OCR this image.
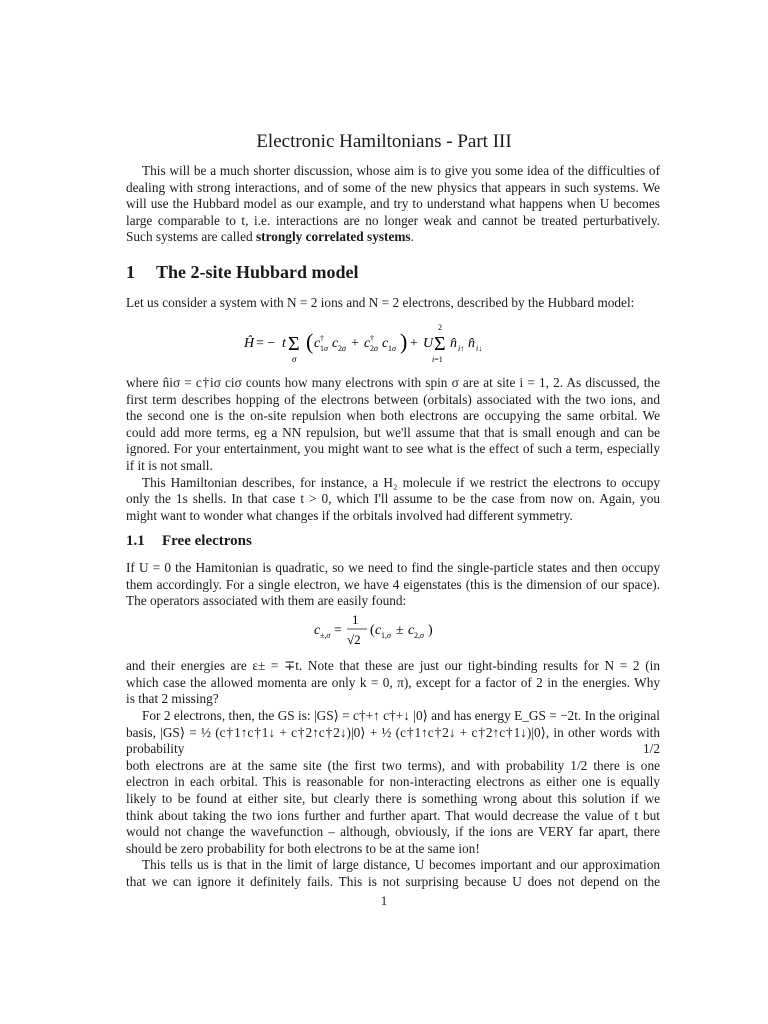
Electronic Hamiltonians - Part III
This will be a much shorter discussion, whose aim is to give you some idea of the difficulties of
dealing with strong interactions, and of some of the new physics that appears in such systems. We
will use the Hubbard model as our example, and try to understand what happens when U becomes
large comparable to t, i.e. interactions are no longer weak and cannot be treated perturbatively.
Such systems are called strongly correlated systems.
1 The 2-site Hubbard model
Let us consider a system with N = 2 ions and N = 2 electrons, described by the Hubbard model:
Ĥ = − t Σ
σ
( c †
1σ c 2σ + c †
2σ c 1σ ) + U
2
Σ
i=1
n̂ i↑ n̂ i↓
where n̂iσ = c†iσ ciσ counts how many electrons with spin σ are at site i = 1, 2. As discussed, the
first term describes hopping of the electrons between (orbitals) associated with the two ions, and
the second one is the on-site repulsion when both electrons are occupying the same orbital. We
could add more terms, eg a NN repulsion, but we'll assume that that is small enough and can be
ignored. For your entertainment, you might want to see what is the effect of such a term, especially
if it is not small.
This Hamiltonian describes, for instance, a H₂ molecule if we restrict the electrons to occupy
only the 1s shells. In that case t > 0, which I'll assume to be the case from now on. Again, you
might want to wonder what changes if the orbitals involved had different symmetry.
1.1 Free electrons
If U = 0 the Hamitonian is quadratic, so we need to find the single-particle states and then occupy
them accordingly. For a single electron, we have 4 eigenstates (this is the dimension of our space).
The operators associated with them are easily found:
c ±,σ =
1
√2
( c 1,σ ± c 2,σ )
and their energies are ε± = ∓t. Note that these are just our tight-binding results for N = 2 (in
which case the allowed momenta are only k = 0, π), except for a factor of 2 in the energies. Why
is that 2 missing?
For 2 electrons, then, the GS is: |GS⟩ = c†+↑ c†+↓ |0⟩ and has energy E_GS = −2t. In the original
basis, |GS⟩ = ½ (c†1↑c†1↓ + c†2↑c†2↓)|0⟩ + ½ (c†1↑c†2↓ + c†2↑c†1↓)|0⟩, in other words with probability 1/2
both electrons are at the same site (the first two terms), and with probability 1/2 there is one
electron in each orbital. This is reasonable for non-interacting electrons as either one is equally
likely to be found at either site, but clearly there is something wrong about this solution if we
think about taking the two ions further and further apart. That would decrease the value of t but
would not change the wavefunction – although, obviously, if the ions are VERY far apart, there
should be zero probability for both electrons to be at the same ion!
This tells us is that in the limit of large distance, U becomes important and our approximation
that we can ignore it definitely fails. This is not surprising because U does not depend on the
1
